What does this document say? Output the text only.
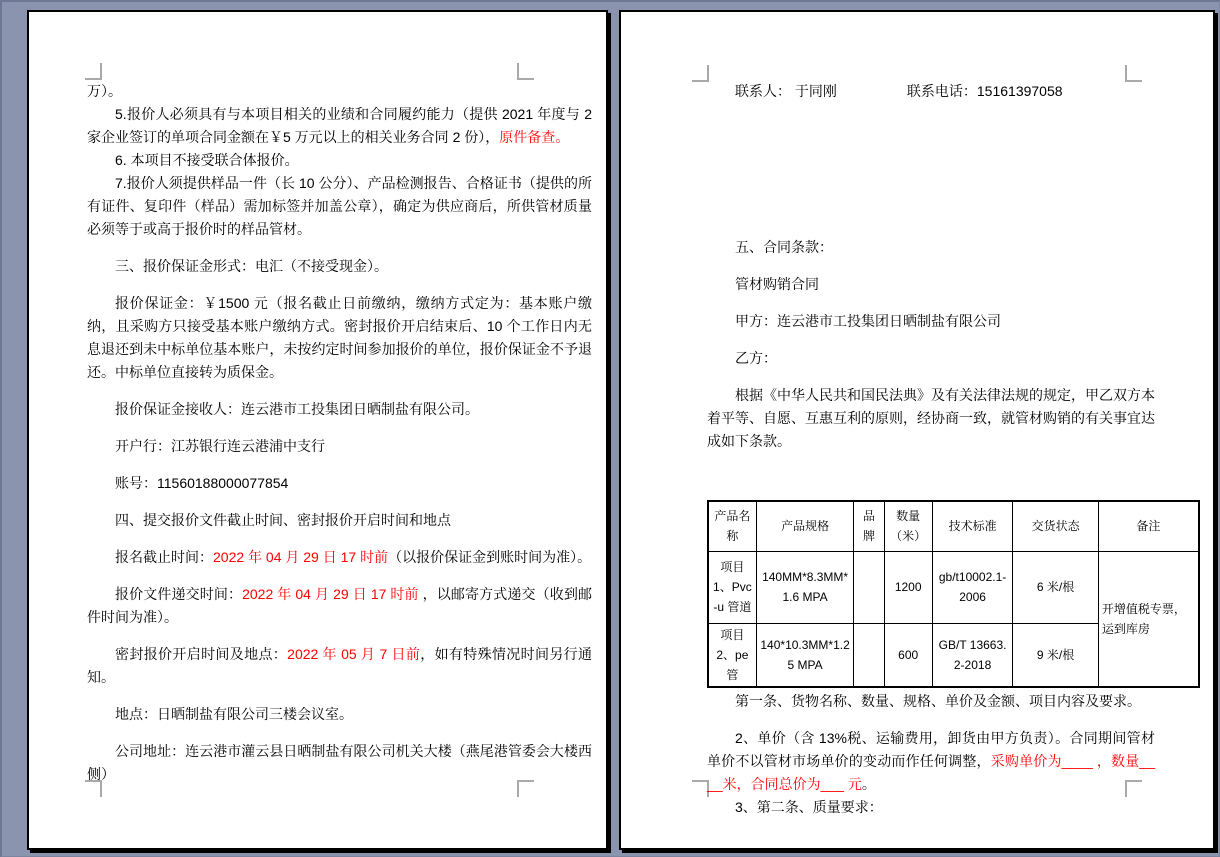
万）。

5.报价人必须具有与本项目相关的业绩和合同履约能力（提供 2021 年度与 2 家企业签订的单项合同金额在￥5 万元以上的相关业务合同 2 份），原件备查。

6. 本项目不接受联合体报价。

7.报价人须提供样品一件（长 10 公分）、产品检测报告、合格证书（提供的所有证件、复印件（样品）需加标签并加盖公章），确定为供应商后，所供管材质量必须等于或高于报价时的样品管材。

三、报价保证金形式：电汇（不接受现金）。

报价保证金：￥1500 元（报名截止日前缴纳，缴纳方式定为：基本账户缴纳，且采购方只接受基本账户缴纳方式。密封报价开启结束后、10 个工作日内无息退还到未中标单位基本账户，未按约定时间参加报价的单位，报价保证金不予退还。中标单位直接转为质保金。

报价保证金接收人：连云港市工投集团日晒制盐有限公司。

开户行：江苏银行连云港浦中支行

账号：11560188000077854

四、提交报价文件截止时间、密封报价开启时间和地点

报名截止时间：2022 年 04 月 29 日 17 时前（以报价保证金到账时间为准）。

报价文件递交时间：2022 年 04 月 29 日 17 时前 ，以邮寄方式递交（收到邮件时间为准）。

密封报价开启时间及地点：2022 年 05 月 7 日前，如有特殊情况时间另行通知。

地点：日晒制盐有限公司三楼会议室。

公司地址：连云港市灌云县日晒制盐有限公司机关大楼（燕尾港管委会大楼西侧）

联系人： 于同刚　　　　　联系电话：15161397058

五、合同条款：

管材购销合同

甲方：连云港市工投集团日晒制盐有限公司

乙方：

根据《中华人民共和国民法典》及有关法律法规的规定，甲乙双方本着平等、自愿、互惠互利的原则，经协商一致，就管材购销的有关事宜达成如下条款。

产品名称	产品规格	品牌	数量（米）	技术标准	交货状态	备注
项目 1、Pvc-u 管道	140MM*8.3MM*1.6 MPA		1200	gb/t10002.1-2006	6 米/根	开增值税专票，运到库房
项目 2、pe 管	140*10.3MM*1.25 MPA		600	GB/T 13663.2-2018	9 米/根	

第一条、货物名称、数量、规格、单价及金额、项目内容及要求。

2、单价（含 13%税、运输费用，卸货由甲方负责）。合同期间管材单价不以管材市场单价的变动而作任何调整，采购单价为____ ，数量____米，合同总价为___ 元。

3、第二条、质量要求：
